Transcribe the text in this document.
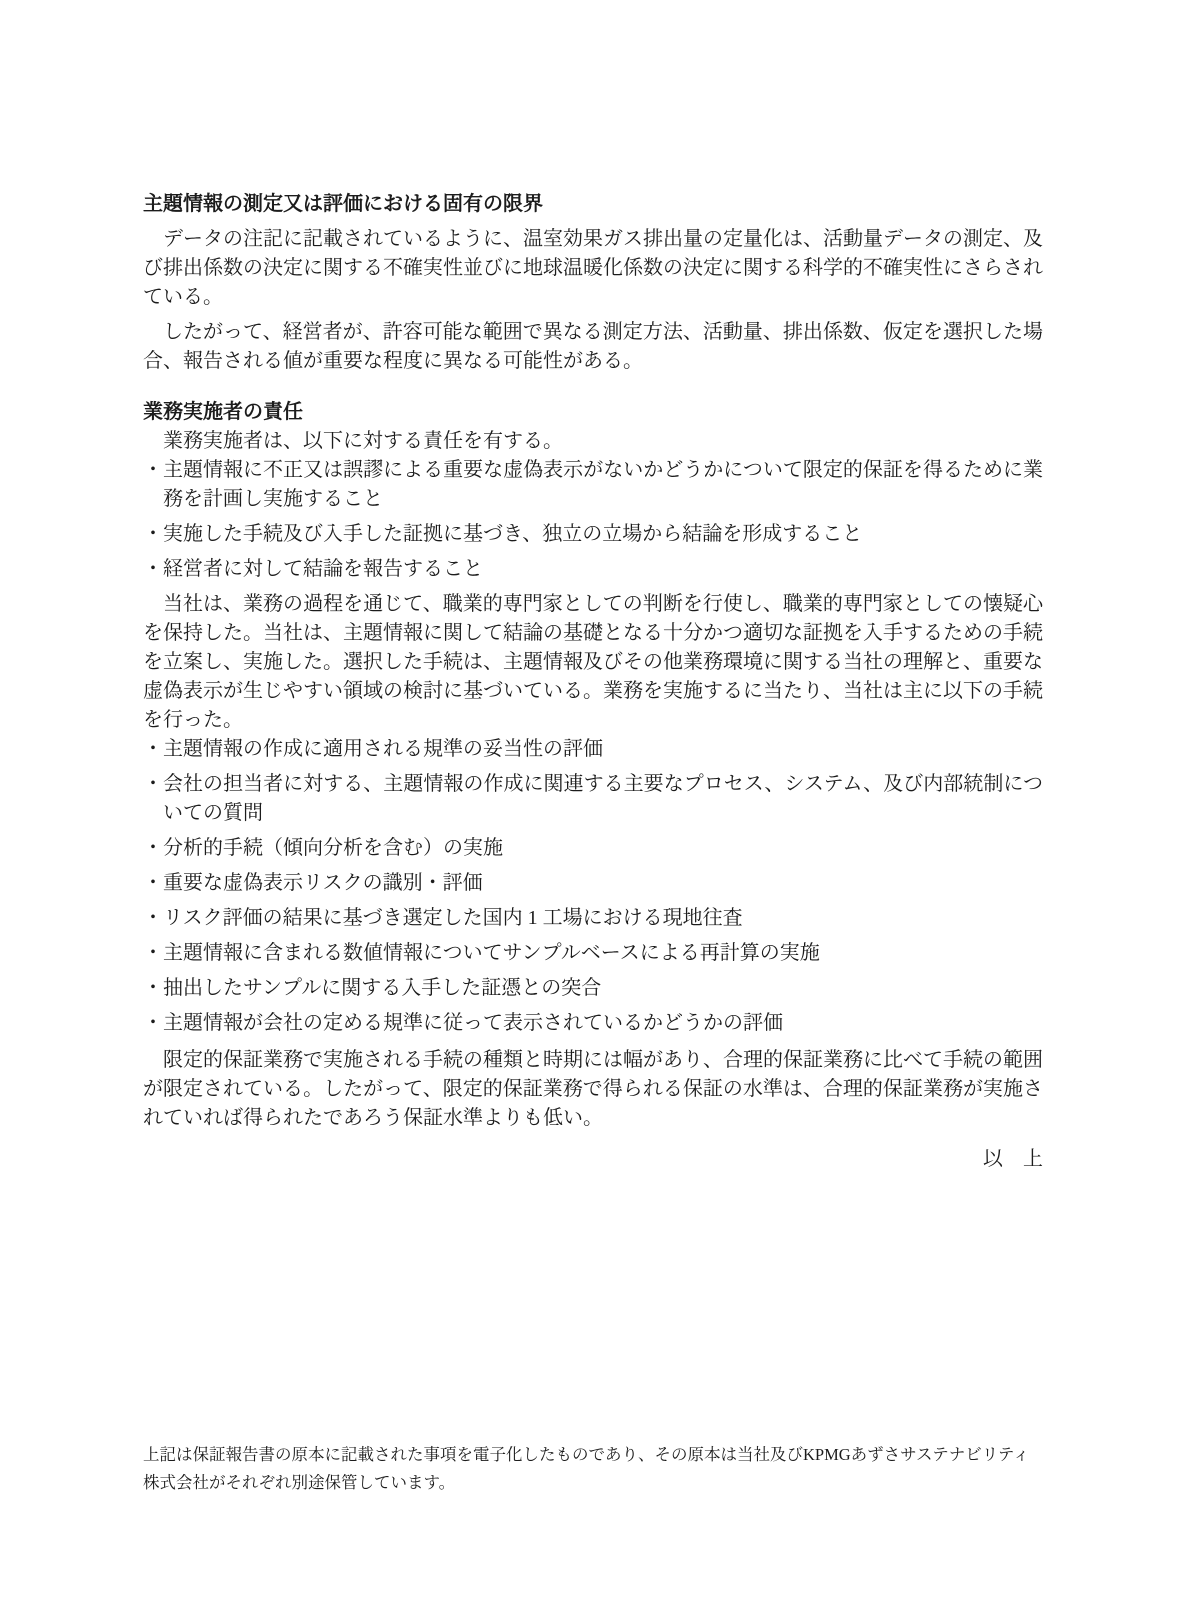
主題情報の測定又は評価における固有の限界

データの注記に記載されているように、温室効果ガス排出量の定量化は、活動量データの測定、及び排出係数の決定に関する不確実性並びに地球温暖化係数の決定に関する科学的不確実性にさらされている。

したがって、経営者が、許容可能な範囲で異なる測定方法、活動量、排出係数、仮定を選択した場合、報告される値が重要な程度に異なる可能性がある。

業務実施者の責任

業務実施者は、以下に対する責任を有する。

・ 主題情報に不正又は誤謬による重要な虚偽表示がないかどうかについて限定的保証を得るために業務を計画し実施すること
・ 実施した手続及び入手した証拠に基づき、独立の立場から結論を形成すること
・ 経営者に対して結論を報告すること

当社は、業務の過程を通じて、職業的専門家としての判断を行使し、職業的専門家としての懐疑心を保持した。当社は、主題情報に関して結論の基礎となる十分かつ適切な証拠を入手するための手続を立案し、実施した。選択した手続は、主題情報及びその他業務環境に関する当社の理解と、重要な虚偽表示が生じやすい領域の検討に基づいている。業務を実施するに当たり、当社は主に以下の手続を行った。

・ 主題情報の作成に適用される規準の妥当性の評価
・ 会社の担当者に対する、主題情報の作成に関連する主要なプロセス、システム、及び内部統制についての質問
・ 分析的手続（傾向分析を含む）の実施
・ 重要な虚偽表示リスクの識別・評価
・ リスク評価の結果に基づき選定した国内 1 工場における現地往査
・ 主題情報に含まれる数値情報についてサンプルベースによる再計算の実施
・ 抽出したサンプルに関する入手した証憑との突合
・ 主題情報が会社の定める規準に従って表示されているかどうかの評価

限定的保証業務で実施される手続の種類と時期には幅があり、合理的保証業務に比べて手続の範囲が限定されている。したがって、限定的保証業務で得られる保証の水準は、合理的保証業務が実施されていれば得られたであろう保証水準よりも低い。

以　上
上記は保証報告書の原本に記載された事項を電子化したものであり、その原本は当社及びKPMGあずさサステナビリティ
株式会社がそれぞれ別途保管しています。
